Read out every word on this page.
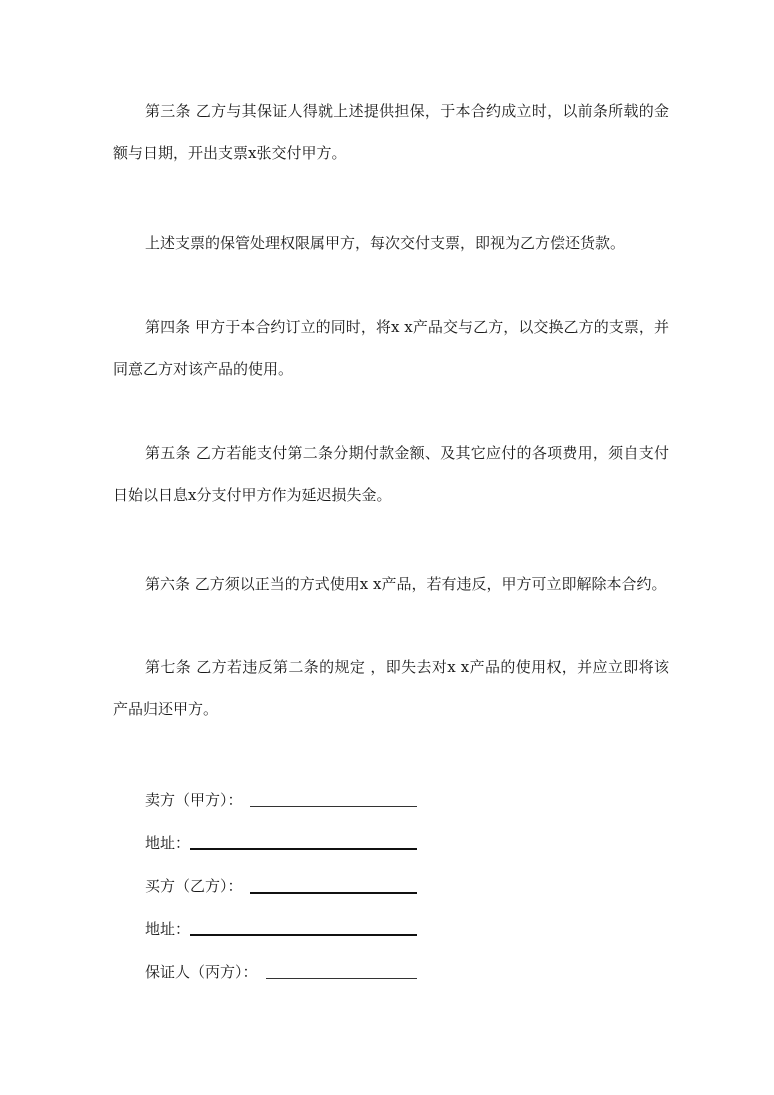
第三条 乙方与其保证人得就上述提供担保，于本合约成立时，以前条所载的金额与日期，开出支票x张交付甲方。

上述支票的保管处理权限属甲方，每次交付支票，即视为乙方偿还货款。

第四条 甲方于本合约订立的同时，将x x产品交与乙方，以交换乙方的支票，并同意乙方对该产品的使用。

第五条 乙方若能支付第二条分期付款金额、及其它应付的各项费用，须自支付日始以日息x分支付甲方作为延迟损失金。

第六条 乙方须以正当的方式使用x x产品，若有违反，甲方可立即解除本合约。

第七条 乙方若违反第二条的规定 ，即失去对x x产品的使用权，并应立即将该产品归还甲方。

卖方（甲方）：
地址：
买方（乙方）：
地址：
保证人（丙方）：
